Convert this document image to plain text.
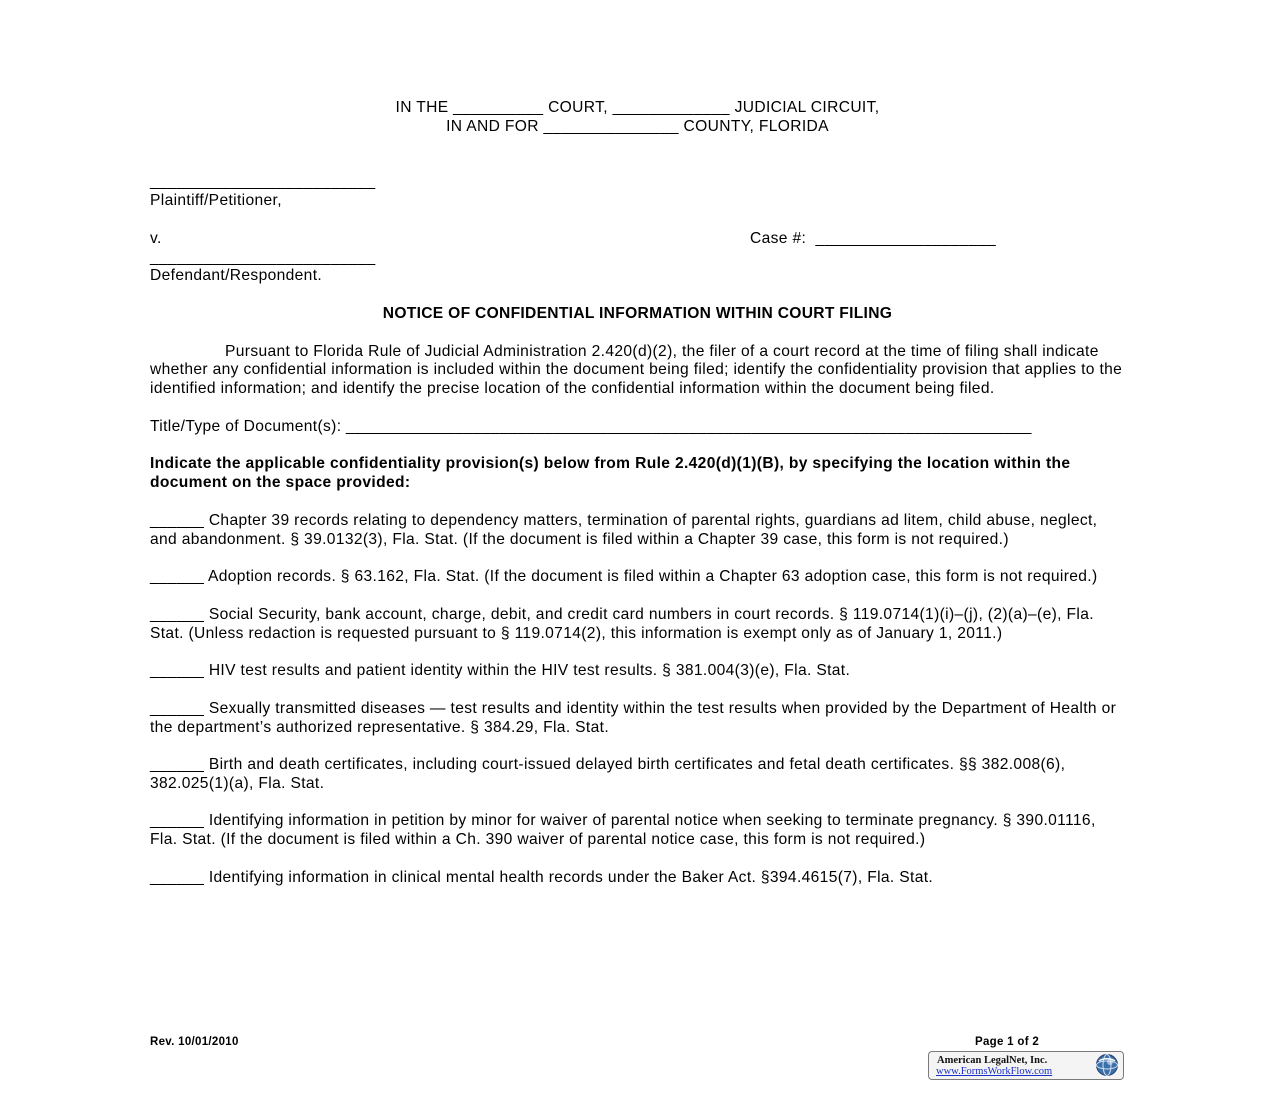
IN THE __________ COURT, _____________ JUDICIAL CIRCUIT,

IN AND FOR _______________ COUNTY, FLORIDA

_________________________

Plaintiff/Petitioner,

v.	Case #:  ____________________

_________________________

Defendant/Respondent.

NOTICE OF CONFIDENTIAL INFORMATION WITHIN COURT FILING

Pursuant to Florida Rule of Judicial Administration 2.420(d)(2), the filer of a court record at the time of filing shall indicate whether any confidential information is included within the document being filed; identify the confidentiality provision that applies to the identified information; and identify the precise location of the confidential information within the document being filed.

Title/Type of Document(s): ____________________________________________________________________________

Indicate the applicable confidentiality provision(s) below from Rule 2.420(d)(1)(B), by specifying the location within the document on the space provided:

______ Chapter 39 records relating to dependency matters, termination of parental rights, guardians ad litem, child abuse, neglect, and abandonment. § 39.0132(3), Fla. Stat. (If the document is filed within a Chapter 39 case, this form is not required.)

______ Adoption records. § 63.162, Fla. Stat. (If the document is filed within a Chapter 63 adoption case, this form is not required.)

______ Social Security, bank account, charge, debit, and credit card numbers in court records. § 119.0714(1)(i)–(j), (2)(a)–(e), Fla. Stat. (Unless redaction is requested pursuant to § 119.0714(2), this information is exempt only as of January 1, 2011.)

______ HIV test results and patient identity within the HIV test results. § 381.004(3)(e), Fla. Stat.

______ Sexually transmitted diseases — test results and identity within the test results when provided by the Department of Health or the department’s authorized representative. § 384.29, Fla. Stat.

______ Birth and death certificates, including court-issued delayed birth certificates and fetal death certificates. §§ 382.008(6), 382.025(1)(a), Fla. Stat.

______ Identifying information in petition by minor for waiver of parental notice when seeking to terminate pregnancy. § 390.01116, Fla. Stat. (If the document is filed within a Ch. 390 waiver of parental notice case, this form is not required.)

______ Identifying information in clinical mental health records under the Baker Act. §394.4615(7), Fla. Stat.

Rev. 10/01/2010	Page 1 of 2
American LegalNet, Inc.
www.FormsWorkFlow.com
